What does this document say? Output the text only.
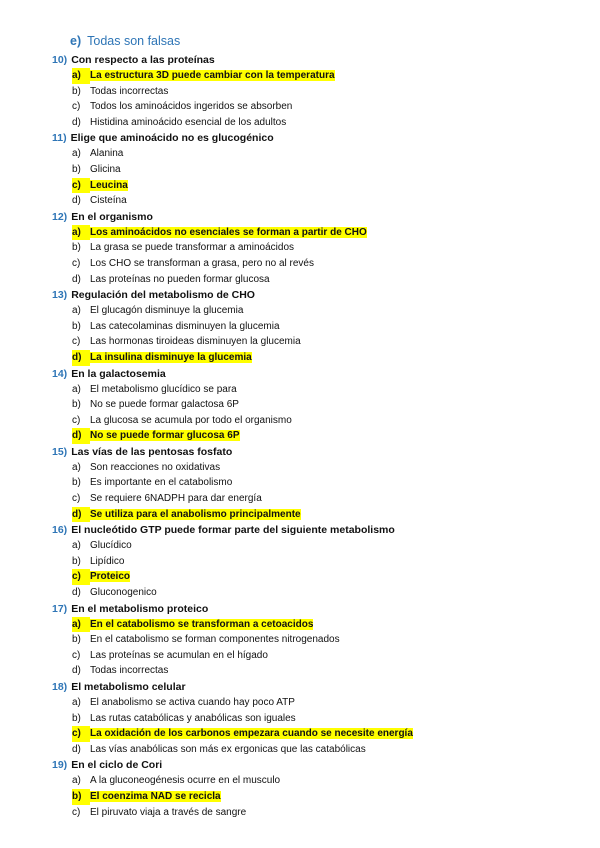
e) Todas son falsas
10) Con respecto a las proteínas
a) La estructura 3D puede cambiar con la temperatura
b) Todas incorrectas
c) Todos los aminoácidos ingeridos se absorben
d) Histidina aminoácido esencial de los adultos
11) Elige que aminoácido no es glucogénico
a) Alanina
b) Glicina
c) Leucina
d) Cisteína
12) En el organismo
a) Los aminoácidos no esenciales se forman a partir de CHO
b) La grasa se puede transformar a aminoácidos
c) Los CHO se transforman a grasa, pero no al revés
d) Las proteínas no pueden formar glucosa
13) Regulación del metabolismo de CHO
a) El glucagón disminuye la glucemia
b) Las catecolaminas disminuyen la glucemia
c) Las hormonas tiroideas disminuyen la glucemia
d) La insulina disminuye la glucemia
14) En la galactosemia
a) El metabolismo glucídico se para
b) No se puede formar galactosa 6P
c) La glucosa se acumula por todo el organismo
d) No se puede formar glucosa 6P
15) Las vías de las pentosas fosfato
a) Son reacciones no oxidativas
b) Es importante en el catabolismo
c) Se requiere 6NADPH para dar energía
d) Se utiliza para el anabolismo principalmente
16) El nucleótido GTP puede formar parte del siguiente metabolismo
a) Glucídico
b) Lipídico
c) Proteico
d) Gluconogenico
17) En el metabolismo proteico
a) En el catabolismo se transforman a cetoacidos
b) En el catabolismo se forman componentes nitrogenados
c) Las proteínas se acumulan en el hígado
d) Todas incorrectas
18) El metabolismo celular
a) El anabolismo se activa cuando hay poco ATP
b) Las rutas catabólicas y anabólicas son iguales
c) La oxidación de los carbonos empezara cuando se necesite energía
d) Las vías anabólicas son más ex ergonicas que las catabólicas
19) En el ciclo de Cori
a) A la gluconeogénesis ocurre en el musculo
b) El coenzima NAD se recicla
c) El piruvato viaja a través de sangre
